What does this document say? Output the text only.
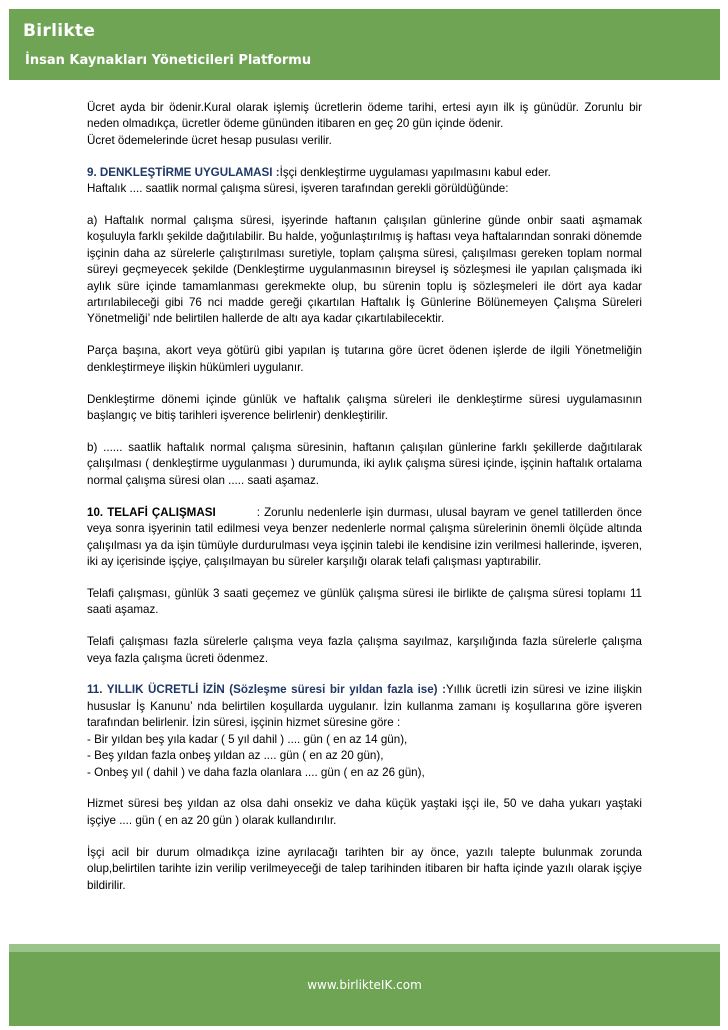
Birlikte
İnsan Kaynakları Yöneticileri Platformu

Ücret ayda bir ödenir.Kural olarak işlemiş ücretlerin ödeme tarihi, ertesi ayın ilk iş günüdür. Zorunlu bir neden olmadıkça, ücretler ödeme gününden itibaren en geç 20 gün içinde ödenir.
Ücret ödemelerinde ücret hesap pusulası verilir.

9. DENKLEŞTİRME UYGULAMASI :İşçi denkleştirme uygulaması yapılmasını kabul eder.
Haftalık .... saatlik normal çalışma süresi, işveren tarafından gerekli görüldüğünde:

a) Haftalık normal çalışma süresi, işyerinde haftanın çalışılan günlerine günde onbir saati aşmamak koşuluyla farklı şekilde dağıtılabilir. Bu halde, yoğunlaştırılmış iş haftası veya haftalarından sonraki dönemde işçinin daha az sürelerle çalıştırılması suretiyle, toplam çalışma süresi, çalışılması gereken toplam normal süreyi geçmeyecek şekilde (Denkleştirme uygulanmasının bireysel iş sözleşmesi ile yapılan çalışmada iki aylık süre içinde tamamlanması gerekmekte olup, bu sürenin toplu iş sözleşmeleri ile dört aya kadar artırılabileceği gibi 76 nci madde gereği çıkartılan Haftalık İş Günlerine Bölünemeyen Çalışma Süreleri Yönetmeliği’ nde belirtilen hallerde de altı aya kadar çıkartılabilecektir.

Parça başına, akort veya götürü gibi yapılan iş tutarına göre ücret ödenen işlerde de ilgili Yönetmeliğin denkleştirmeye ilişkin hükümleri uygulanır.

Denkleştirme dönemi içinde günlük ve haftalık çalışma süreleri ile denkleştirme süresi uygulamasının başlangıç ve bitiş tarihleri işverence belirlenir) denkleştirilir.

b) ...... saatlik haftalık normal çalışma süresinin, haftanın çalışılan günlerine farklı şekillerde dağıtılarak çalışılması ( denkleştirme uygulanması ) durumunda, iki aylık çalışma süresi içinde, işçinin haftalık ortalama normal çalışma süresi olan ..... saati aşamaz.

10. TELAFİ ÇALIŞMASI          : Zorunlu nedenlerle işin durması, ulusal bayram ve genel tatillerden önce veya sonra işyerinin tatil edilmesi veya benzer nedenlerle normal çalışma sürelerinin önemli ölçüde altında çalışılması ya da işin tümüyle durdurulması veya işçinin talebi ile kendisine izin verilmesi hallerinde, işveren, iki ay içerisinde işçiye, çalışılmayan bu süreler karşılığı olarak telafi çalışması yaptırabilir.

Telafi çalışması, günlük 3 saati geçemez ve günlük çalışma süresi ile birlikte de çalışma süresi toplamı 11 saati aşamaz.

Telafi çalışması fazla sürelerle çalışma veya fazla çalışma sayılmaz, karşılığında fazla sürelerle çalışma veya fazla çalışma ücreti ödenmez.

11. YILLIK ÜCRETLİ İZİN (Sözleşme süresi bir yıldan fazla ise) :Yıllık ücretli izin süresi ve izine ilişkin hususlar İş Kanunu’ nda belirtilen koşullarda uygulanır. İzin kullanma zamanı iş koşullarına göre işveren tarafından belirlenir. İzin süresi, işçinin hizmet süresine göre :
- Bir yıldan beş yıla kadar ( 5 yıl dahil ) .... gün ( en az 14 gün),
- Beş yıldan fazla onbeş yıldan az .... gün ( en az 20 gün),
- Onbeş yıl ( dahil ) ve daha fazla olanlara .... gün ( en az 26 gün),

Hizmet süresi beş yıldan az olsa dahi onsekiz ve daha küçük yaştaki işçi ile, 50 ve daha yukarı yaştaki işçiye .... gün ( en az 20 gün ) olarak kullandırılır.

İşçi acil bir durum olmadıkça izine ayrılacağı tarihten bir ay önce, yazılı talepte bulunmak zorunda olup,belirtilen tarihte izin verilip verilmeyeceği de talep tarihinden itibaren bir hafta içinde yazılı olarak işçiye bildirilir.

www.birlikteIK.com
